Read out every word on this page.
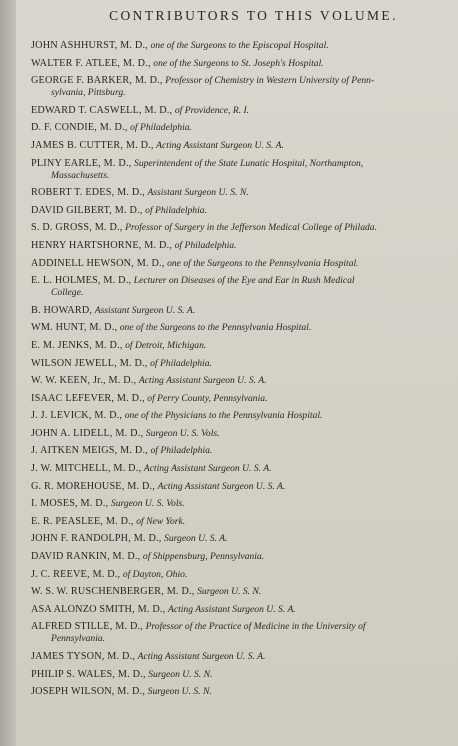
CONTRIBUTORS TO THIS VOLUME.
JOHN ASHHURST, M. D., one of the Surgeons to the Episcopal Hospital.
WALTER F. ATLEE, M. D., one of the Surgeons to St. Joseph's Hospital.
GEORGE F. BARKER, M. D., Professor of Chemistry in Western University of Penn-
sylvania, Pittsburg.
EDWARD T. CASWELL, M. D., of Providence, R. I.
D. F. CONDIE, M. D., of Philadelphia.
JAMES B. CUTTER, M. D., Acting Assistant Surgeon U. S. A.
PLINY EARLE, M. D., Superintendent of the State Lunatic Hospital, Northampton,
Massachusetts.
ROBERT T. EDES, M. D., Assistant Surgeon U. S. N.
DAVID GILBERT, M. D., of Philadelphia.
S. D. GROSS, M. D., Professor of Surgery in the Jefferson Medical College of Philada.
HENRY HARTSHORNE, M. D., of Philadelphia.
ADDINELL HEWSON, M. D., one of the Surgeons to the Pennsylvania Hospital.
E. L. HOLMES, M. D., Lecturer on Diseases of the Eye and Ear in Rush Medical
College.
B. HOWARD, Assistant Surgeon U. S. A.
WM. HUNT, M. D., one of the Surgeons to the Pennsylvania Hospital.
E. M. JENKS, M. D., of Detroit, Michigan.
WILSON JEWELL, M. D., of Philadelphia.
W. W. KEEN, Jr., M. D., Acting Assistant Surgeon U. S. A.
ISAAC LEFEVER, M. D., of Perry County, Pennsylvania.
J. J. LEVICK, M. D., one of the Physicians to the Pennsylvania Hospital.
JOHN A. LIDELL, M. D., Surgeon U. S. Vols.
J. AITKEN MEIGS, M. D., of Philadelphia.
J. W. MITCHELL, M. D., Acting Assistant Surgeon U. S. A.
G. R. MOREHOUSE, M. D., Acting Assistant Surgeon U. S. A.
I. MOSES, M. D., Surgeon U. S. Vols.
E. R. PEASLEE, M. D., of New York.
JOHN F. RANDOLPH, M. D., Surgeon U. S. A.
DAVID RANKIN, M. D., of Shippensburg, Pennsylvania.
J. C. REEVE, M. D., of Dayton, Ohio.
W. S. W. RUSCHENBERGER, M. D., Surgeon U. S. N.
ASA ALONZO SMITH, M. D., Acting Assistant Surgeon U. S. A.
ALFRED STILLÉ, M. D., Professor of the Practice of Medicine in the University of
Pennsylvania.
JAMES TYSON, M. D., Acting Assistant Surgeon U. S. A.
PHILIP S. WALES, M. D., Surgeon U. S. N.
JOSEPH WILSON, M. D., Surgeon U. S. N.
